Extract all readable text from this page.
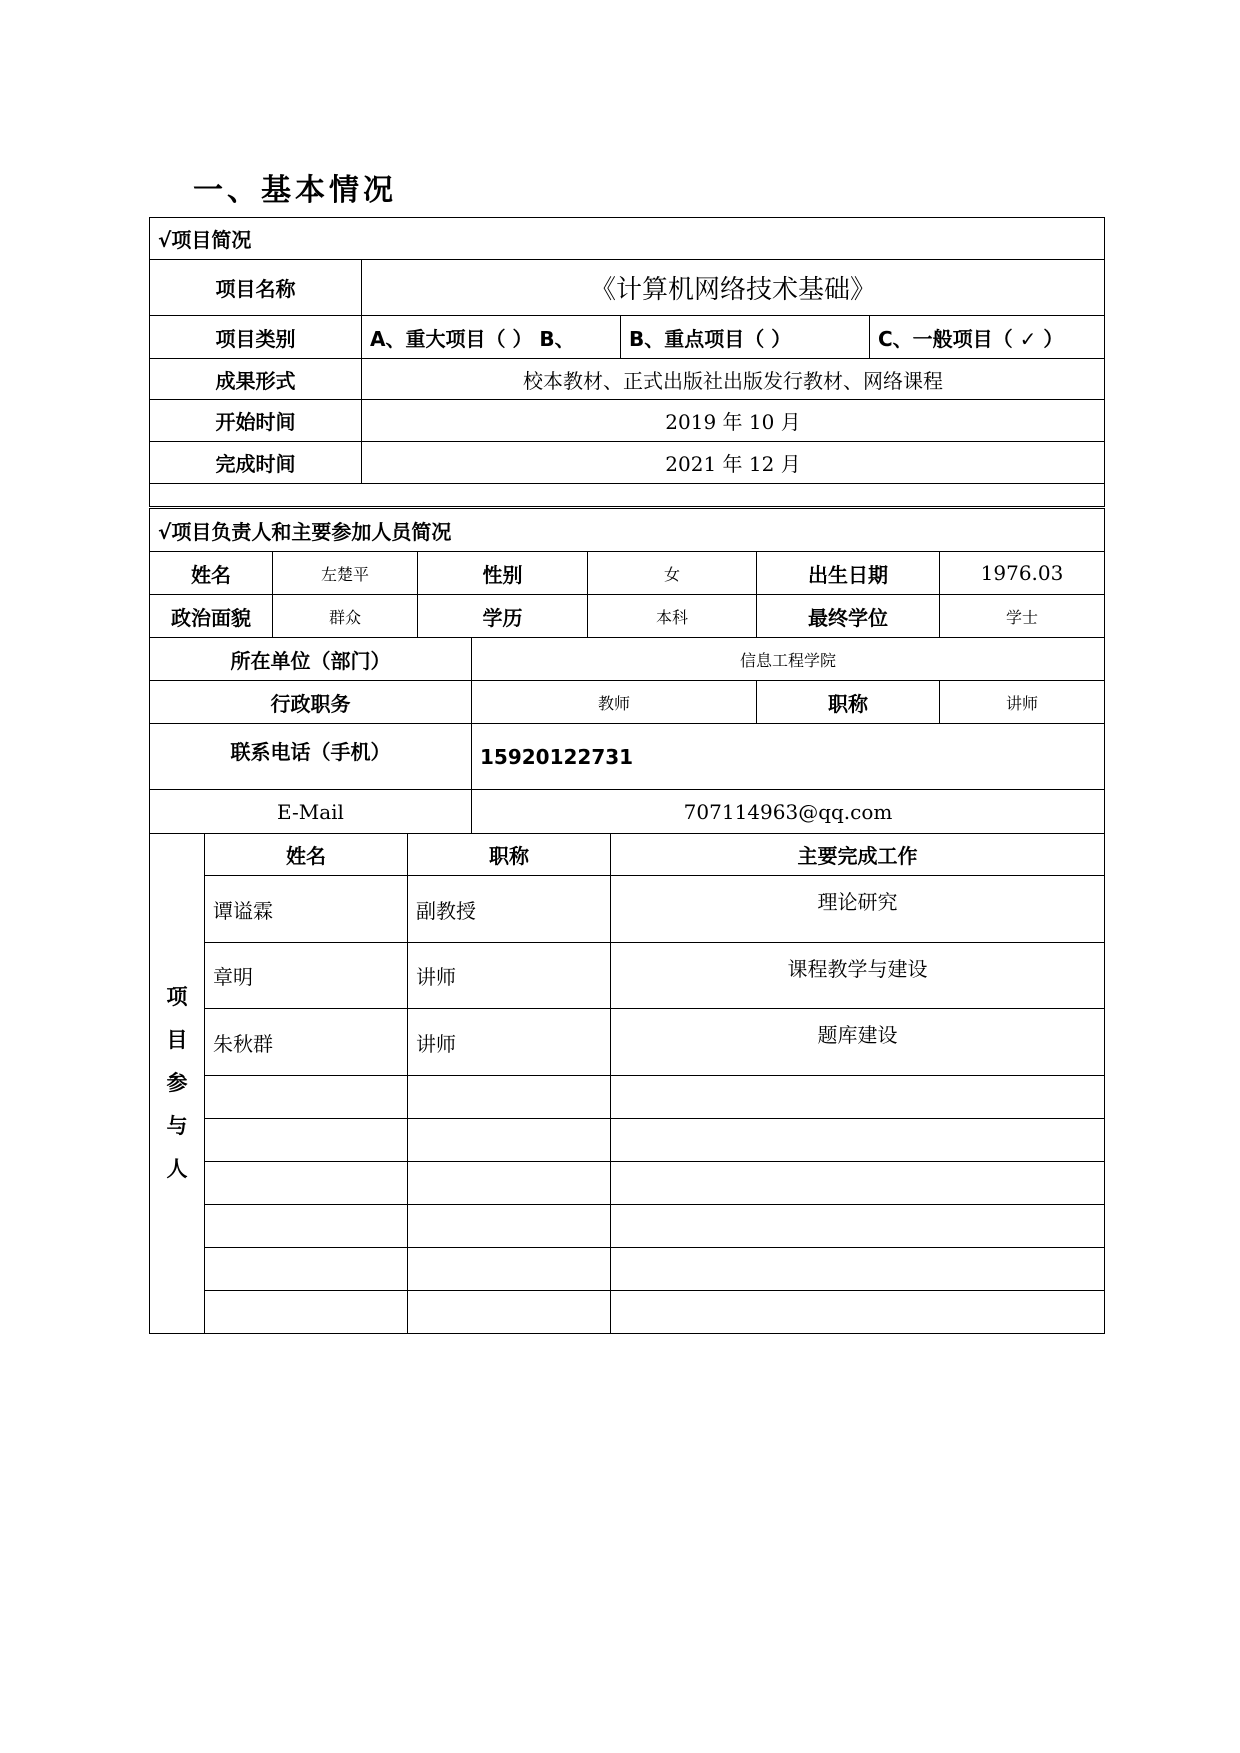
一、基本情况
√项目简况			
项目名称	《计算机网络技术基础》		
项目类别	A、重大项目（ ） B、	B、重点项目（ ）	C、一般项目（ ✓ ）
成果形式	校本教材、正式出版社出版发行教材、网络课程		
开始时间	2019 年 10 月		
完成时间	2021 年 12 月		

√项目负责人和主要参加人员简况						
姓名	左楚平	性别		女	出生日期	1976.03
政治面貌	群众	学历		本科	最终学位	学士
所在单位（部门）			信息工程学院			
行政职务			教师		职称	讲师
联系电话（手机）			15920122731			
E-Mail			707114963@qq.com			
项
目
参
与
人	姓名	职称	主要完成工作
	谭谥霖	副教授	理论研究
	章明	讲师	课程教学与建设
	朱秋群	讲师	题库建设
